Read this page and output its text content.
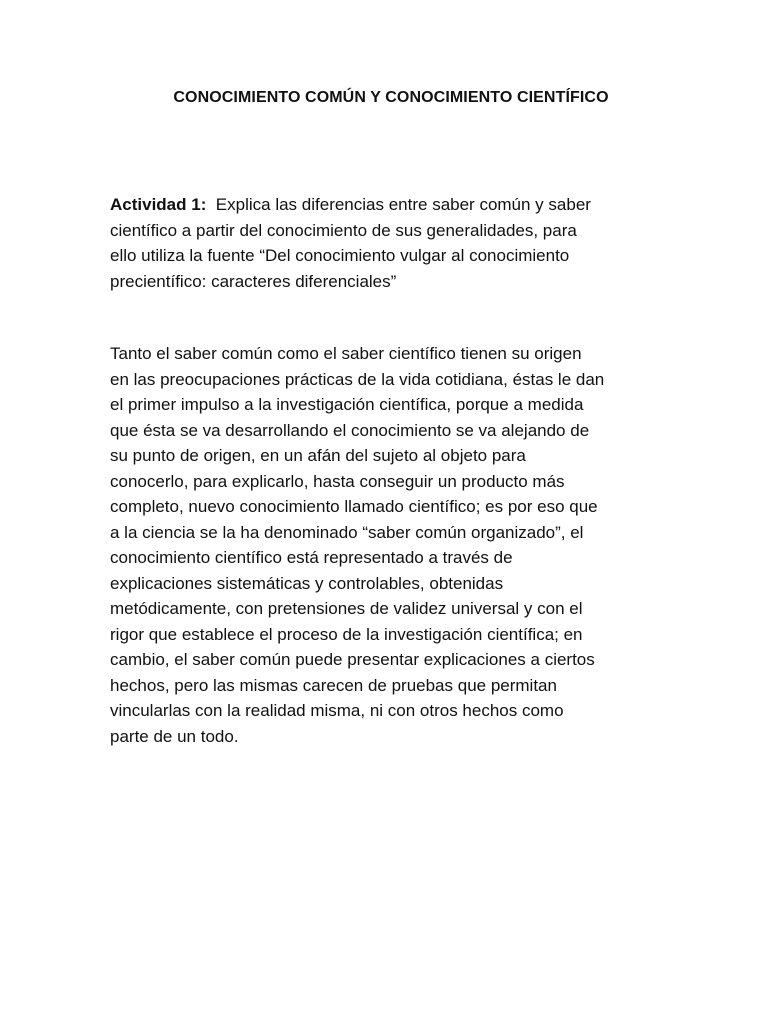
CONOCIMIENTO COMÚN Y CONOCIMIENTO CIENTÍFICO
Actividad 1:  Explica las diferencias entre saber común y saber
científico a partir del conocimiento de sus generalidades, para
ello utiliza la fuente “Del conocimiento vulgar al conocimiento
precientífico: caracteres diferenciales”
Tanto el saber común como el saber científico tienen su origen
en las preocupaciones prácticas de la vida cotidiana, éstas le dan
el primer impulso a la investigación científica, porque a medida
que ésta se va desarrollando el conocimiento se va alejando de
su punto de origen, en un afán del sujeto al objeto para
conocerlo, para explicarlo, hasta conseguir un producto más
completo, nuevo conocimiento llamado científico; es por eso que
a la ciencia se la ha denominado “saber común organizado”, el
conocimiento científico está representado a través de
explicaciones sistemáticas y controlables, obtenidas
metódicamente, con pretensiones de validez universal y con el
rigor que establece el proceso de la investigación científica; en
cambio, el saber común puede presentar explicaciones a ciertos
hechos, pero las mismas carecen de pruebas que permitan
vincularlas con la realidad misma, ni con otros hechos como
parte de un todo.
